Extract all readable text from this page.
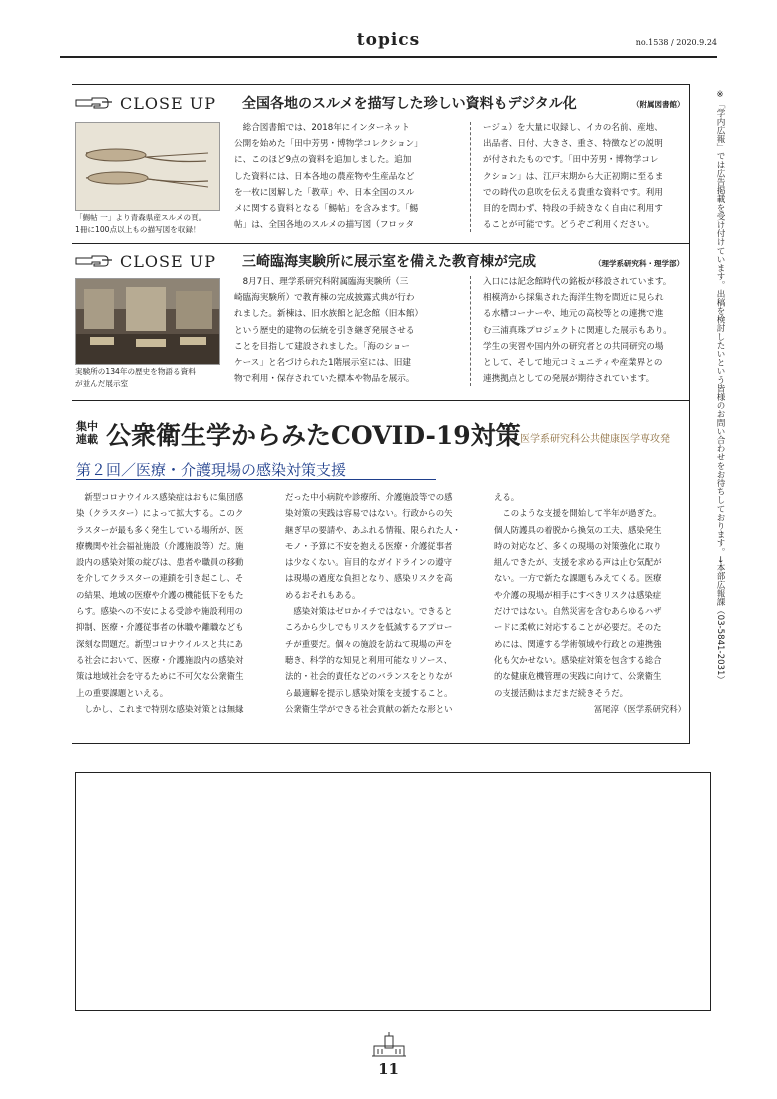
topics	no.1538 / 2020.9.24
※「学内広報」では広告掲載を受け付けています。出稿を検討したいという皆様のお問い合わせをお待ちしております。→本部広報課（03-5841-2031）
CLOSE UP 全国各地のスルメを描写した珍しい資料もデジタル化	（附属図書館）
「鯣帖 一」より青森県産スルメの頁。
1冊に100点以上もの描写図を収録！
　総合図書館では、2018年にインターネット
公開を始めた「田中芳男・博物学コレクション」
に、このほど9点の資料を追加しました。追加
した資料には、日本各地の農産物や生産品など
を一枚に図解した「教草」や、日本全国のスル
メに関する資料となる「鯣帖」を含みます。「鯣
帖」は、全国各地のスルメの描写図（フロッタ
ージュ）を大量に収録し、イカの名前、産地、
出品者、日付、大きさ、重さ、特徴などの説明
が付されたものです。「田中芳男・博物学コレ
クション」は、江戸末期から大正初期に至るま
での時代の息吹を伝える貴重な資料です。利用
目的を問わず、特段の手続きなく自由に利用す
ることが可能です。どうぞご利用ください。
CLOSE UP 三崎臨海実験所に展示室を備えた教育棟が完成	（理学系研究科・理学部）
実験所の134年の歴史を物語る資料
が並んだ展示室
　8月7日、理学系研究科附属臨海実験所（三
崎臨海実験所）で教育棟の完成披露式典が行わ
れました。新棟は、旧水族館と記念館（旧本館）
という歴史的建物の伝統を引き継ぎ発展させる
ことを目指して建設されました。「海のショー
ケース」と名づけられた1階展示室には、旧建
物で利用・保存されていた標本や物品を展示。
入口には記念館時代の銘板が移設されています。
相模湾から採集された海洋生物を間近に見られ
る水槽コーナーや、地元の高校等との連携で進
む三浦真珠プロジェクトに関連した展示もあり。
学生の実習や国内外の研究者との共同研究の場
として、そして地元コミュニティや産業界との
連携拠点としての発展が期待されています。
集中
連載 公衆衛生学からみたCOVID-19対策 医学系研究科公共健康医学専攻発
第２回／医療・介護現場の感染対策支援
　新型コロナウイルス感染症はおもに集団感
染（クラスター）によって拡大する。このク
ラスターが最も多く発生している場所が、医
療機関や社会福祉施設（介護施設等）だ。施
設内の感染対策の綻びは、患者や職員の移動
を介してクラスターの連鎖を引き起こし、そ
の結果、地域の医療や介護の機能低下をもた
らす。感染への不安による受診や施設利用の
抑制、医療・介護従事者の休職や離職なども
深刻な問題だ。新型コロナウイルスと共にあ
る社会において、医療・介護施設内の感染対
策は地域社会を守るために不可欠な公衆衛生
上の重要課題といえる。
　しかし、これまで特別な感染対策とは無縁
だった中小病院や診療所、介護施設等での感
染対策の実践は容易ではない。行政からの矢
継ぎ早の要請や、あふれる情報、限られた人・
モノ・予算に不安を抱える医療・介護従事者
は少なくない。盲目的なガイドラインの遵守
は現場の過度な負担となり、感染リスクを高
めるおそれもある。
　感染対策はゼロかイチではない。できると
ころから少しでもリスクを低減するアプロー
チが重要だ。個々の施設を訪ねて現場の声を
聴き、科学的な知見と利用可能なリソース、
法的・社会的責任などのバランスをとりなが
ら最適解を提示し感染対策を支援すること。
公衆衛生学ができる社会貢献の新たな形とい
える。
　このような支援を開始して半年が過ぎた。
個人防護具の着脱から換気の工夫、感染発生
時の対応など、多くの現場の対策強化に取り
組んできたが、支援を求める声は止む気配が
ない。一方で新たな課題もみえてくる。医療
や介護の現場が相手にすべきリスクは感染症
だけではない。自然災害を含むあらゆるハザ
ードに柔軟に対応することが必要だ。そのた
めには、関連する学術領域や行政との連携強
化も欠かせない。感染症対策を包含する総合
的な健康危機管理の実践に向けて、公衆衛生
の支援活動はまだまだ続きそうだ。
冨尾淳（医学系研究科）
11
